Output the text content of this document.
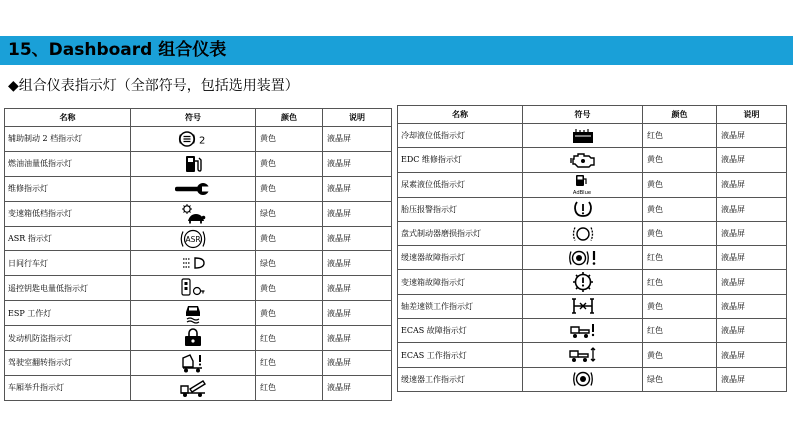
15、Dashboard 组合仪表
◆组合仪表指示灯（全部符号，包括选用装置）
名称	符号	颜色	说明
辅助制动 2 档指示灯	2	黄色	液晶屏
燃油油量低指示灯		黄色	液晶屏
维修指示灯		黄色	液晶屏
变速箱低档指示灯		绿色	液晶屏
ASR 指示灯	ASR	黄色	液晶屏
日间行车灯		绿色	液晶屏
遥控钥匙电量低指示灯		黄色	液晶屏
ESP 工作灯		黄色	液晶屏
发动机防盗指示灯		红色	液晶屏
驾驶室翻转指示灯		红色	液晶屏
车厢举升指示灯		红色	液晶屏
名称	符号	颜色	说明
冷却液位低指示灯		红色	液晶屏
EDC 维修指示灯		黄色	液晶屏
尿素液位低指示灯	AdBlue	黄色	液晶屏
胎压报警指示灯		黄色	液晶屏
盘式制动器磨损指示灯		黄色	液晶屏
缓速器故障指示灯		红色	液晶屏
变速箱故障指示灯		红色	液晶屏
轴差速锁工作指示灯		黄色	液晶屏
ECAS 故障指示灯		红色	液晶屏
ECAS 工作指示灯		黄色	液晶屏
缓速器工作指示灯		绿色	液晶屏
